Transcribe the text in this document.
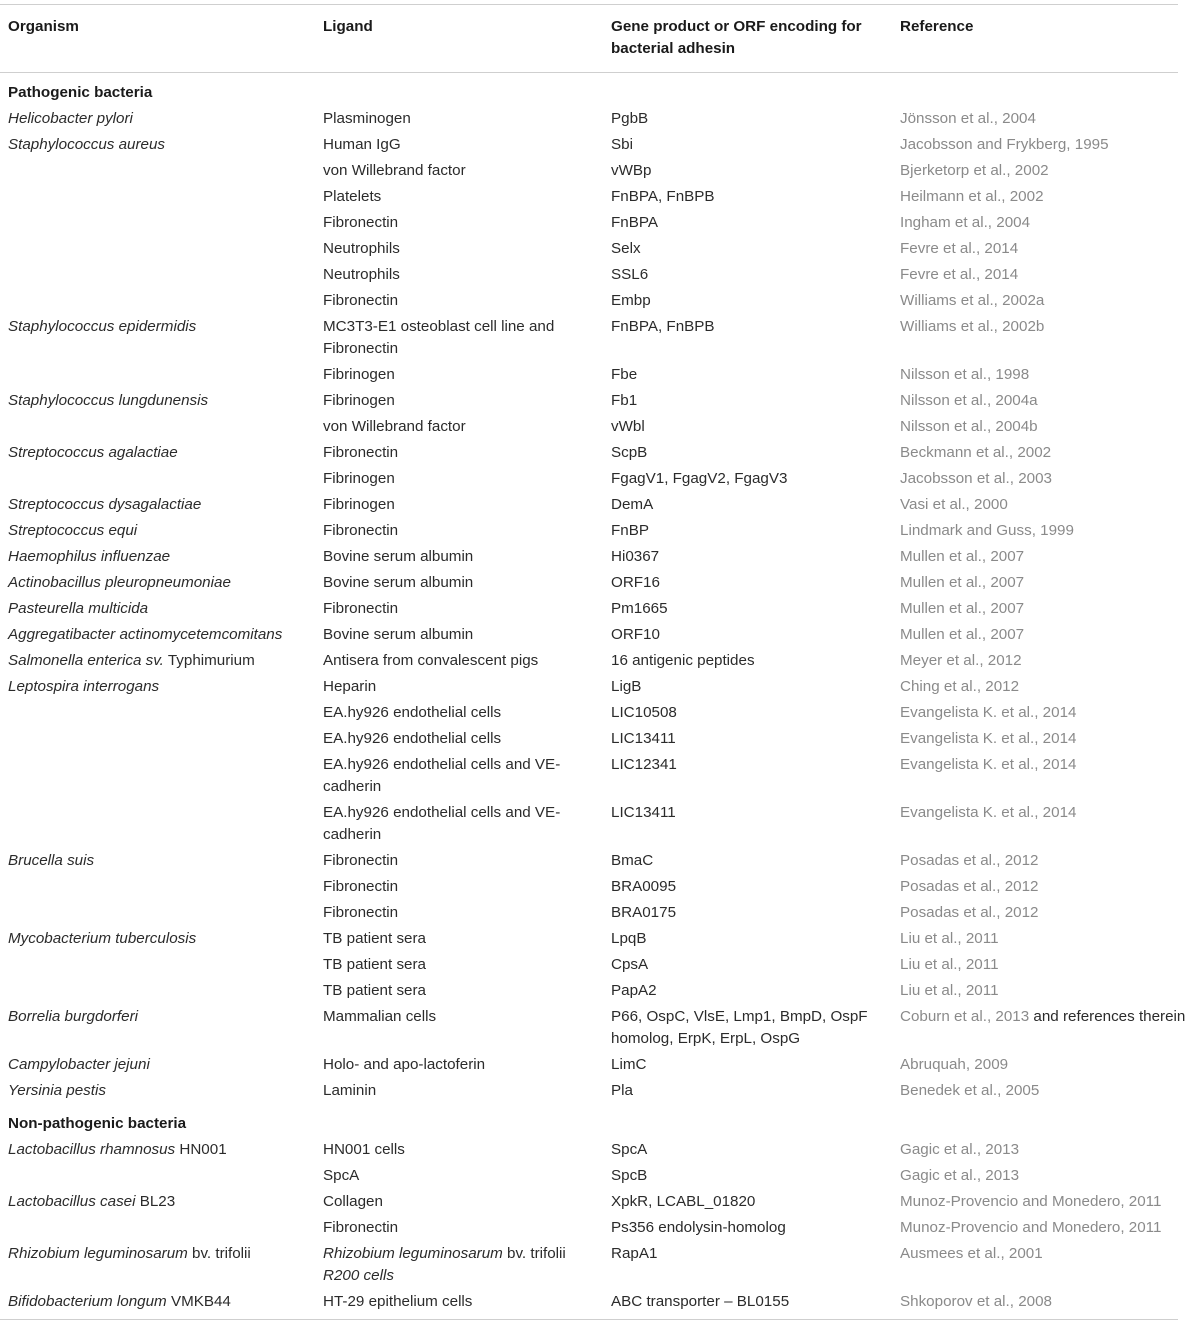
Organism	Ligand	Gene product or ORF encoding for bacterial adhesin	Reference
Pathogenic bacteria			
Helicobacter pylori	Plasminogen	PgbB	Jönsson et al., 2004
Staphylococcus aureus	Human IgG	Sbi	Jacobsson and Frykberg, 1995
	von Willebrand factor	vWBp	Bjerketorp et al., 2002
	Platelets	FnBPA, FnBPB	Heilmann et al., 2002
	Fibronectin	FnBPA	Ingham et al., 2004
	Neutrophils	Selx	Fevre et al., 2014
	Neutrophils	SSL6	Fevre et al., 2014
	Fibronectin	Embp	Williams et al., 2002a
Staphylococcus epidermidis	MC3T3-E1 osteoblast cell line and Fibronectin	FnBPA, FnBPB	Williams et al., 2002b
	Fibrinogen	Fbe	Nilsson et al., 1998
Staphylococcus lungdunensis	Fibrinogen	Fb1	Nilsson et al., 2004a
	von Willebrand factor	vWbl	Nilsson et al., 2004b
Streptococcus agalactiae	Fibronectin	ScpB	Beckmann et al., 2002
	Fibrinogen	FgagV1, FgagV2, FgagV3	Jacobsson et al., 2003
Streptococcus dysagalactiae	Fibrinogen	DemA	Vasi et al., 2000
Streptococcus equi	Fibronectin	FnBP	Lindmark and Guss, 1999
Haemophilus influenzae	Bovine serum albumin	Hi0367	Mullen et al., 2007
Actinobacillus pleuropneumoniae	Bovine serum albumin	ORF16	Mullen et al., 2007
Pasteurella multicida	Fibronectin	Pm1665	Mullen et al., 2007
Aggregatibacter actinomycetemcomitans	Bovine serum albumin	ORF10	Mullen et al., 2007
Salmonella enterica sv. Typhimurium	Antisera from convalescent pigs	16 antigenic peptides	Meyer et al., 2012
Leptospira interrogans	Heparin	LigB	Ching et al., 2012
	EA.hy926 endothelial cells	LIC10508	Evangelista K. et al., 2014
	EA.hy926 endothelial cells	LIC13411	Evangelista K. et al., 2014
	EA.hy926 endothelial cells and VE-cadherin	LIC12341	Evangelista K. et al., 2014
	EA.hy926 endothelial cells and VE-cadherin	LIC13411	Evangelista K. et al., 2014
Brucella suis	Fibronectin	BmaC	Posadas et al., 2012
	Fibronectin	BRA0095	Posadas et al., 2012
	Fibronectin	BRA0175	Posadas et al., 2012
Mycobacterium tuberculosis	TB patient sera	LpqB	Liu et al., 2011
	TB patient sera	CpsA	Liu et al., 2011
	TB patient sera	PapA2	Liu et al., 2011
Borrelia burgdorferi	Mammalian cells	P66, OspC, VlsE, Lmp1, BmpD, OspF homolog, ErpK, ErpL, OspG	Coburn et al., 2013 and references therein
Campylobacter jejuni	Holo- and apo-lactoferin	LimC	Abruquah, 2009
Yersinia pestis	Laminin	Pla	Benedek et al., 2005
Non-pathogenic bacteria			
Lactobacillus rhamnosus HN001	HN001 cells	SpcA	Gagic et al., 2013
	SpcA	SpcB	Gagic et al., 2013
Lactobacillus casei BL23	Collagen	XpkR, LCABL_01820	Munoz-Provencio and Monedero, 2011
	Fibronectin	Ps356 endolysin-homolog	Munoz-Provencio and Monedero, 2011
Rhizobium leguminosarum bv. trifolii	Rhizobium leguminosarum bv. trifolii R200 cells	RapA1	Ausmees et al., 2001
Bifidobacterium longum VMKB44	HT-29 epithelium cells	ABC transporter – BL0155	Shkoporov et al., 2008
